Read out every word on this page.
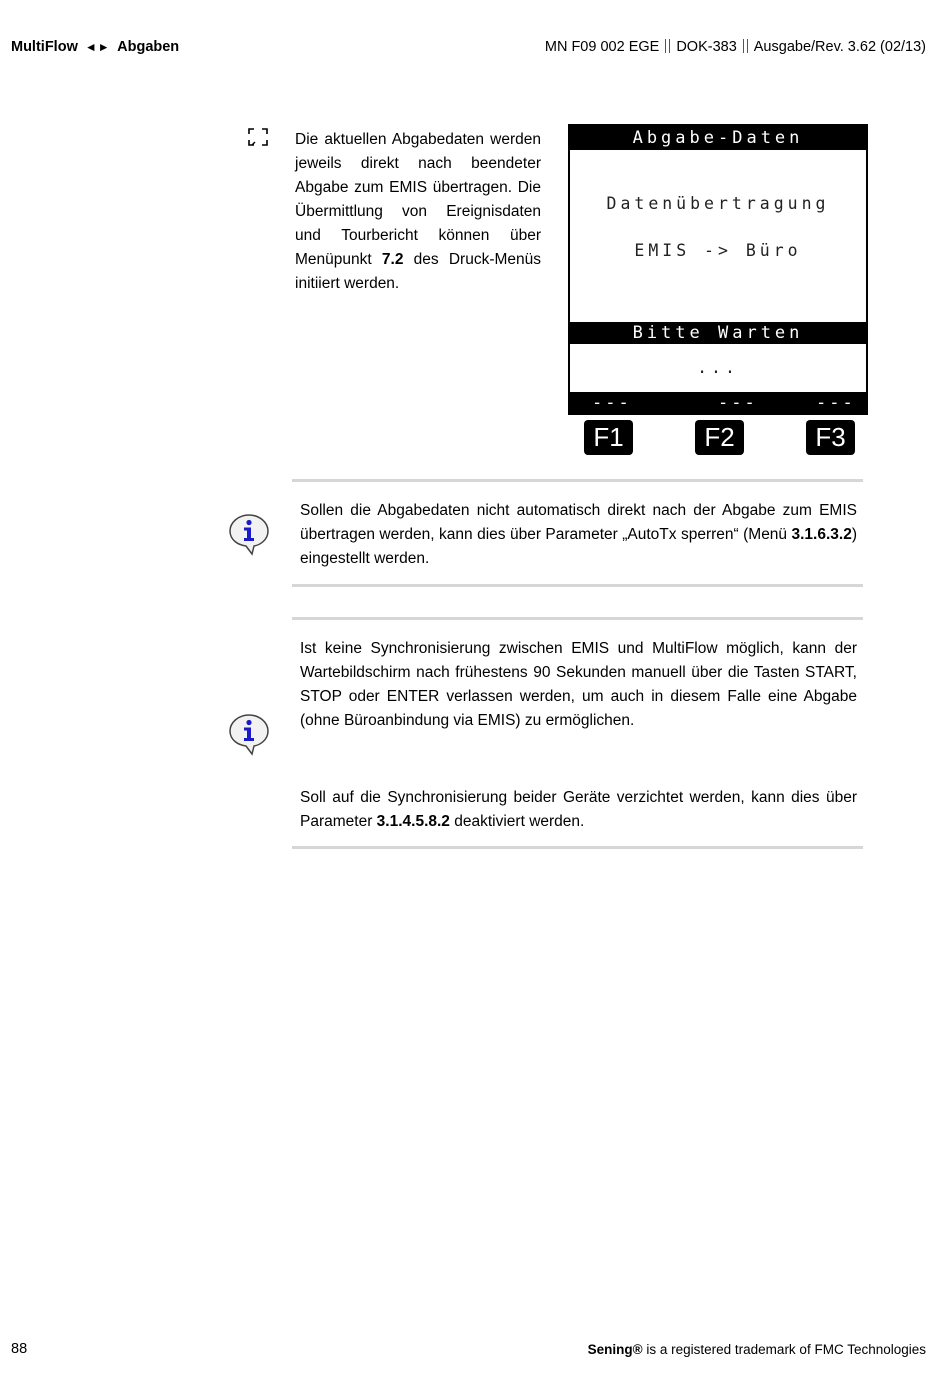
MultiFlow ◄► Abgaben	MN F09 002 EGE DOK-383 Ausgabe/Rev. 3.62 (02/13)
Die aktuellen Abgabedaten werden jeweils direkt nach beendeter Abgabe zum EMIS übertragen. Die Übermittlung von Ereignisdaten und Tourbericht können über Menüpunkt 7.2 des Druck-Menüs initiiert werden.
Abgabe-Daten
Datenübertragung
EMIS -> Büro
Bitte Warten
...
---	---	---
F1	F2	F3
Sollen die Abgabedaten nicht automatisch direkt nach der Abgabe zum EMIS übertragen werden, kann dies über Parameter „AutoTx sperren“ (Menü 3.1.6.3.2) eingestellt werden.
Ist keine Synchronisierung zwischen EMIS und MultiFlow möglich, kann der Wartebildschirm nach frühestens 90 Sekunden manuell über die Tasten START, STOP oder ENTER verlassen werden, um auch in diesem Falle eine Abgabe (ohne Büroanbindung via EMIS) zu ermöglichen.
Soll auf die Synchronisierung beider Geräte verzichtet werden, kann dies über Parameter 3.1.4.5.8.2 deaktiviert werden.
88	Sening® is a registered trademark of FMC Technologies
